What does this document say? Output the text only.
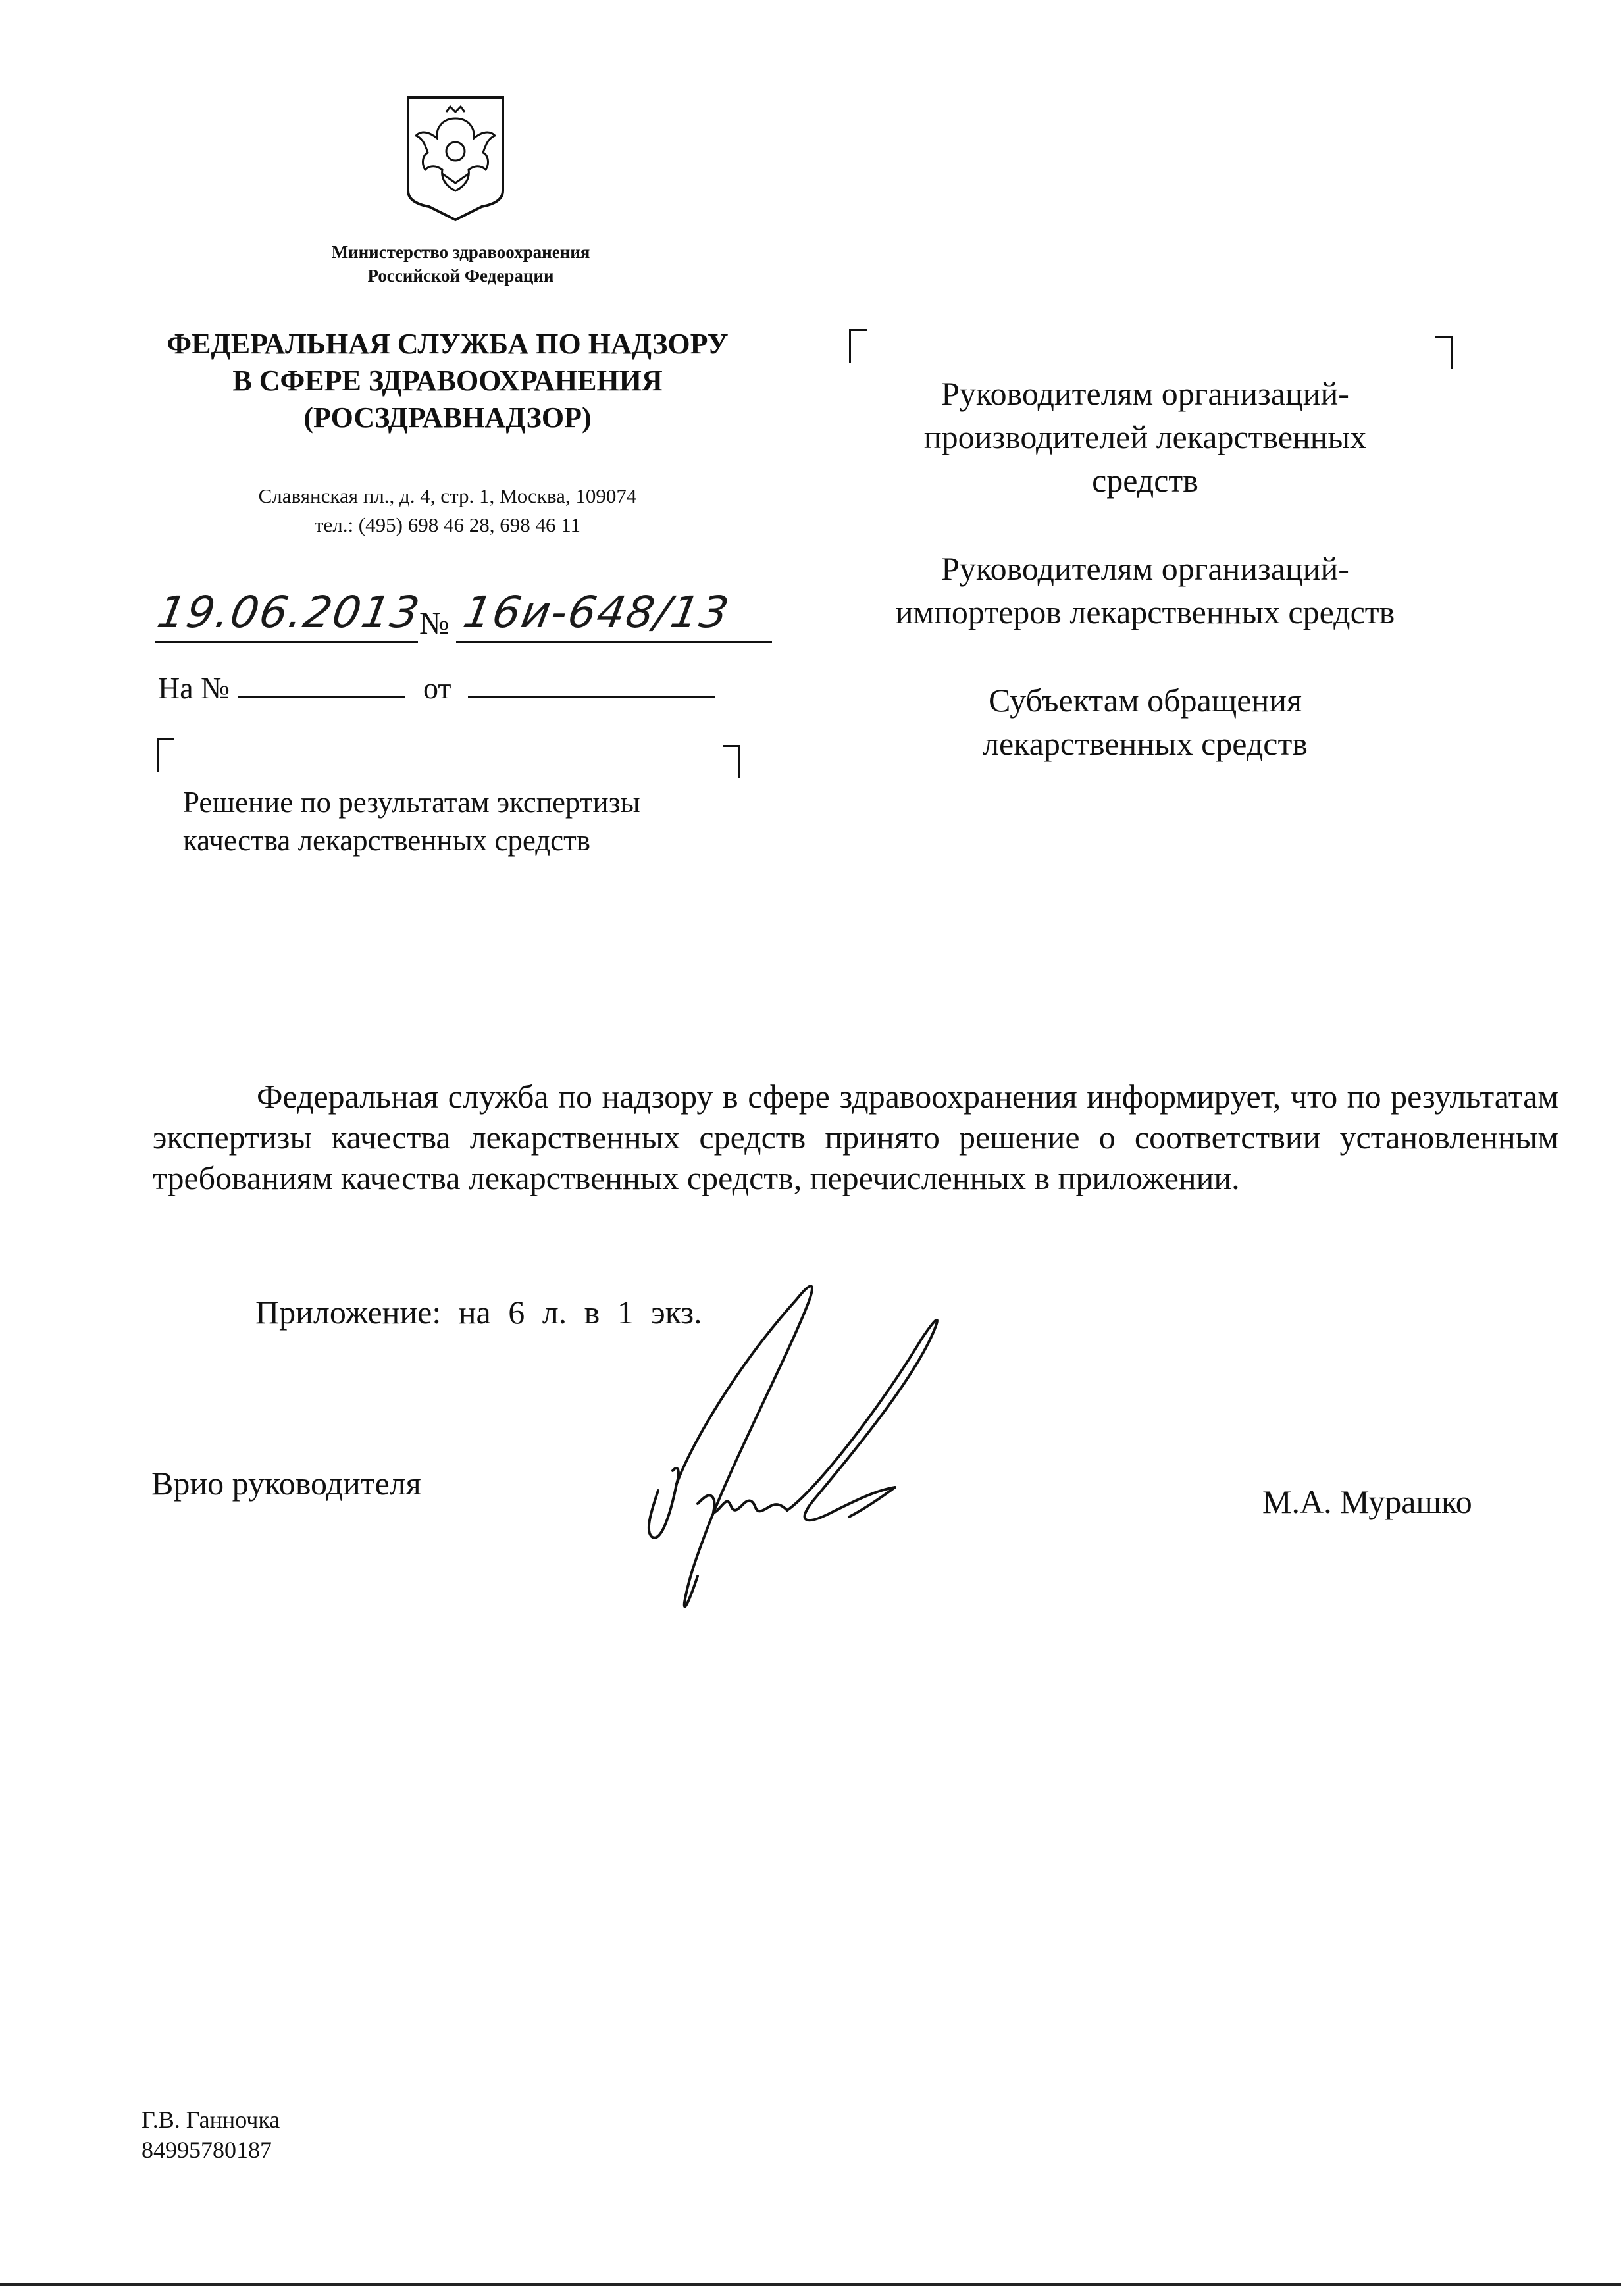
Министерство здравоохранения
Российской Федерации
ФЕДЕРАЛЬНАЯ СЛУЖБА ПО НАДЗОРУ
В СФЕРЕ ЗДРАВООХРАНЕНИЯ
(РОСЗДРАВНАДЗОР)
Славянская пл., д. 4, стр. 1, Москва, 109074
тел.: (495) 698 46 28, 698 46 11
19.06.2013
№ 16и-648/13
На №	от
Решение по результатам экспертизы
качества лекарственных средств
Руководителям организаций-
производителей лекарственных
средств
Руководителям организаций-
импортеров лекарственных средств
Субъектам обращения
лекарственных средств

Федеральная служба по надзору в сфере здравоохранения информирует, что по результатам экспертизы качества лекарственных средств принято решение о соответствии установленным требованиям качества лекарственных средств, перечисленных в приложении.

Приложение: на 6 л. в 1 экз.
Врио руководителя	М.А. Мурашко
Г.В. Ганночка
84995780187
